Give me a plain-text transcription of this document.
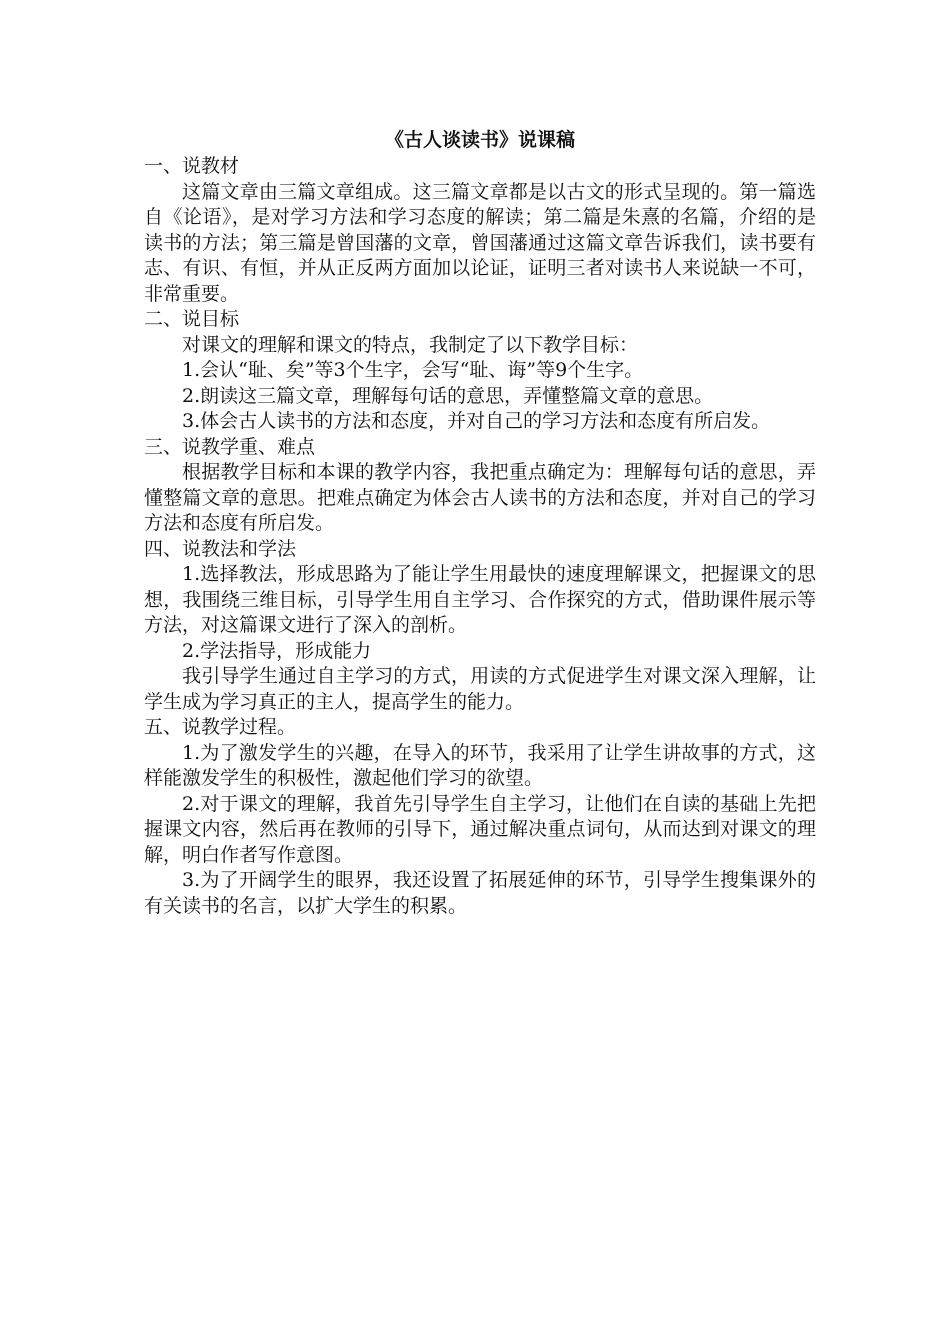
《古人谈读书》说课稿

一、说教材

这篇文章由三篇文章组成。这三篇文章都是以古文的形式呈现的。第一篇选自《论语》，是对学习方法和学习态度的解读；第二篇是朱熹的名篇，介绍的是读书的方法；第三篇是曾国藩的文章，曾国藩通过这篇文章告诉我们，读书要有志、有识、有恒，并从正反两方面加以论证，证明三者对读书人来说缺一不可，非常重要。

二、说目标

对课文的理解和课文的特点，我制定了以下教学目标：

1.会认“耻、矣”等3个生字，会写“耻、诲”等9个生字。

2.朗读这三篇文章，理解每句话的意思，弄懂整篇文章的意思。

3.体会古人读书的方法和态度，并对自己的学习方法和态度有所启发。

三、说教学重、难点

根据教学目标和本课的教学内容，我把重点确定为：理解每句话的意思，弄懂整篇文章的意思。把难点确定为体会古人读书的方法和态度，并对自己的学习方法和态度有所启发。

四、说教法和学法

1.选择教法，形成思路为了能让学生用最快的速度理解课文，把握课文的思想，我围绕三维目标，引导学生用自主学习、合作探究的方式，借助课件展示等方法，对这篇课文进行了深入的剖析。

2.学法指导，形成能力

我引导学生通过自主学习的方式，用读的方式促进学生对课文深入理解，让学生成为学习真正的主人，提高学生的能力。

五、说教学过程。

1.为了激发学生的兴趣，在导入的环节，我采用了让学生讲故事的方式，这样能激发学生的积极性，激起他们学习的欲望。

2.对于课文的理解，我首先引导学生自主学习，让他们在自读的基础上先把握课文内容，然后再在教师的引导下，通过解决重点词句，从而达到对课文的理解，明白作者写作意图。

3.为了开阔学生的眼界，我还设置了拓展延伸的环节，引导学生搜集课外的有关读书的名言，以扩大学生的积累。
